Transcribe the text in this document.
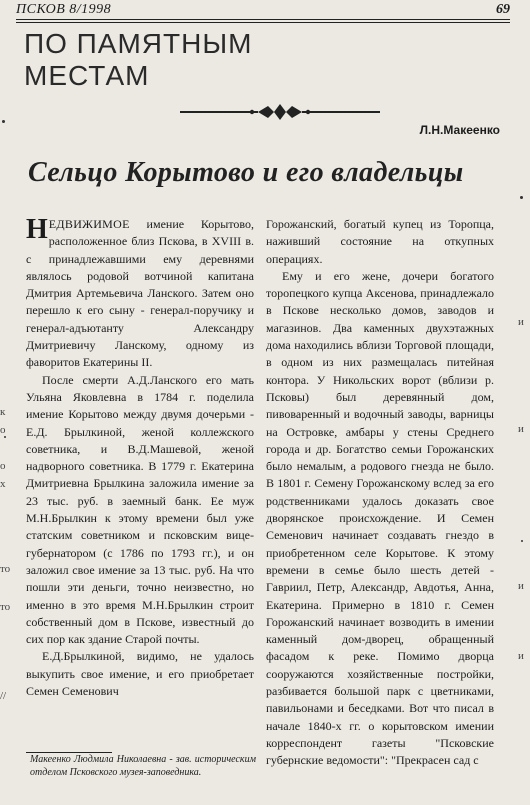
ПСКОВ 8/1998	69
ПО ПАМЯТНЫМ
МЕСТАМ
Л.Н.Макеенко
Сельцо Корытово и его владельцы

НЕДВИЖИМОЕ имение Корытово, расположенное близ Пскова, в XVIII в. с принадлежавшими ему деревнями являлось родовой вотчиной капитана Дмитрия Артемьевича Ланского. Затем оно перешло к его сыну - генерал-поручику и генерал-адъютанту Александру Дмитриевичу Ланскому, одному из фаворитов Екатерины II.

После смерти А.Д.Ланского его мать Ульяна Яковлевна в 1784 г. поделила имение Корытово между двумя дочерьми - Е.Д. Брылкиной, женой коллежского советника, и В.Д.Машевой, женой надворного советника. В 1779 г. Екатерина Дмитриевна Брылкина заложила имение за 23 тыс. руб. в заемный банк. Ее муж М.Н.Брылкин к этому времени был уже статским советником и псковским вице-губернатором (с 1786 по 1793 гг.), и он заложил свое имение за 13 тыс. руб. На что пошли эти деньги, точно неизвестно, но именно в это время М.Н.Брылкин строит собственный дом в Пскове, известный до сих пор как здание Старой почты.

Е.Д.Брылкиной, видимо, не удалось выкупить свое имение, и его приобретает Семен Семенович

Горожанский, богатый купец из Торопца, наживший состояние на откупных операциях.

Ему и его жене, дочери богатого торопецкого купца Аксенова, принадлежало в Пскове несколько домов, заводов и магазинов. Два каменных двухэтажных дома находились вблизи Торговой площади, в одном из них размещалась питейная контора. У Никольских ворот (вблизи р. Псковы) был деревянный дом, пивоваренный и водочный заводы, варницы на Островке, амбары у стены Среднего города и др. Богатство семьи Горожанских было немалым, а родового гнезда не было. В 1801 г. Семену Горожанскому вслед за его родственниками удалось доказать свое дворянское происхождение. И Семен Семенович начинает создавать гнездо в приобретенном селе Корытове. К этому времени в семье было шесть детей - Гавриил, Петр, Александр, Авдотья, Анна, Екатерина. Примерно в 1810 г. Семен Горожанский начинает возводить в имении каменный дом-дворец, обращенный фасадом к реке. Помимо дворца сооружаются хозяйственные постройки, разбивается большой парк с цветниками, павильонами и беседками. Вот что писал в начале 1840-х гг. о корытовском имении корреспондент газеты "Псковские губернские ведомости": "Прекрасен сад с

Макеенко Людмила Николаевна - зав. историческим отделом Псковского музея-заповедника.
к
о
о
х
то
то
//
и
и
и
и
